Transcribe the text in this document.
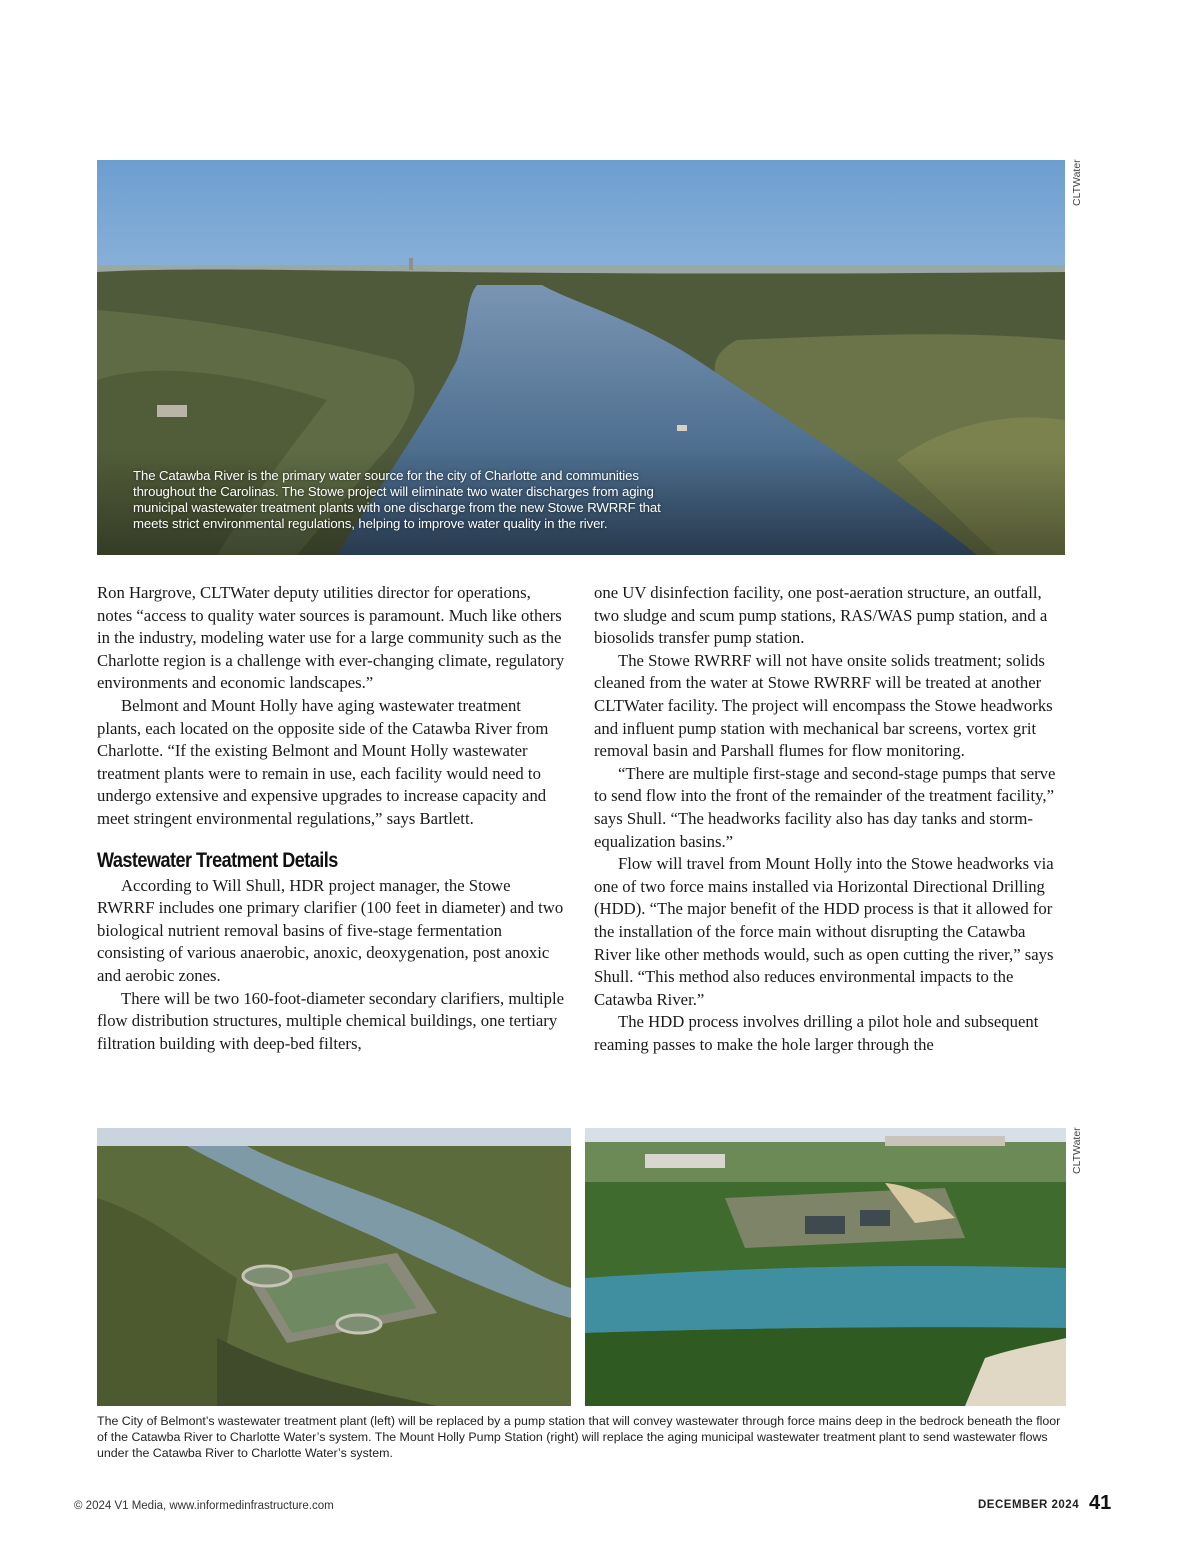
The Catawba River is the primary water source for the city of Charlotte and communities throughout the Carolinas. The Stowe project will eliminate two water discharges from aging municipal wastewater treatment plants with one discharge from the new Stowe RWRRF that meets strict environmental regulations, helping to improve water quality in the river.
CLTWater

Ron Hargrove, CLTWater deputy utilities director for operations, notes “access to quality water sources is paramount. Much like others in the industry, modeling water use for a large community such as the Charlotte region is a challenge with ever-changing climate, regulatory environments and economic landscapes.”

Belmont and Mount Holly have aging wastewater treatment plants, each located on the opposite side of the Catawba River from Charlotte. “If the existing Belmont and Mount Holly wastewater treatment plants were to remain in use, each facility would need to undergo extensive and expensive upgrades to increase capacity and meet stringent environmental regulations,” says Bartlett.

Wastewater Treatment Details

According to Will Shull, HDR project manager, the Stowe RWRRF includes one primary clarifier (100 feet in diameter) and two biological nutrient removal basins of five-stage fermentation consisting of various anaerobic, anoxic, deoxygenation, post anoxic and aerobic zones.

There will be two 160-foot-diameter secondary clarifiers, multiple flow distribution structures, multiple chemical buildings, one tertiary filtration building with deep-bed filters,

one UV disinfection facility, one post-aeration structure, an outfall, two sludge and scum pump stations, RAS/WAS pump station, and a biosolids transfer pump station.

The Stowe RWRRF will not have onsite solids treatment; solids cleaned from the water at Stowe RWRRF will be treated at another CLTWater facility. The project will encompass the Stowe headworks and influent pump station with mechanical bar screens, vortex grit removal basin and Parshall flumes for flow monitoring.

“There are multiple first-stage and second-stage pumps that serve to send flow into the front of the remainder of the treatment facility,” says Shull. “The headworks facility also has day tanks and storm-equalization basins.”

Flow will travel from Mount Holly into the Stowe headworks via one of two force mains installed via Horizontal Directional Drilling (HDD). “The major benefit of the HDD process is that it allowed for the installation of the force main without disrupting the Catawba River like other methods would, such as open cutting the river,” says Shull. “This method also reduces environmental impacts to the Catawba River.”

The HDD process involves drilling a pilot hole and subsequent reaming passes to make the hole larger through the

CLTWater
The City of Belmont’s wastewater treatment plant (left) will be replaced by a pump station that will convey wastewater through force mains deep in the bedrock beneath the floor of the Catawba River to Charlotte Water’s system. The Mount Holly Pump Station (right) will replace the aging municipal wastewater treatment plant to send wastewater flows under the Catawba River to Charlotte Water’s system.
© 2024 V1 Media, www.informedinfrastructure.com	DECEMBER 2024 41
